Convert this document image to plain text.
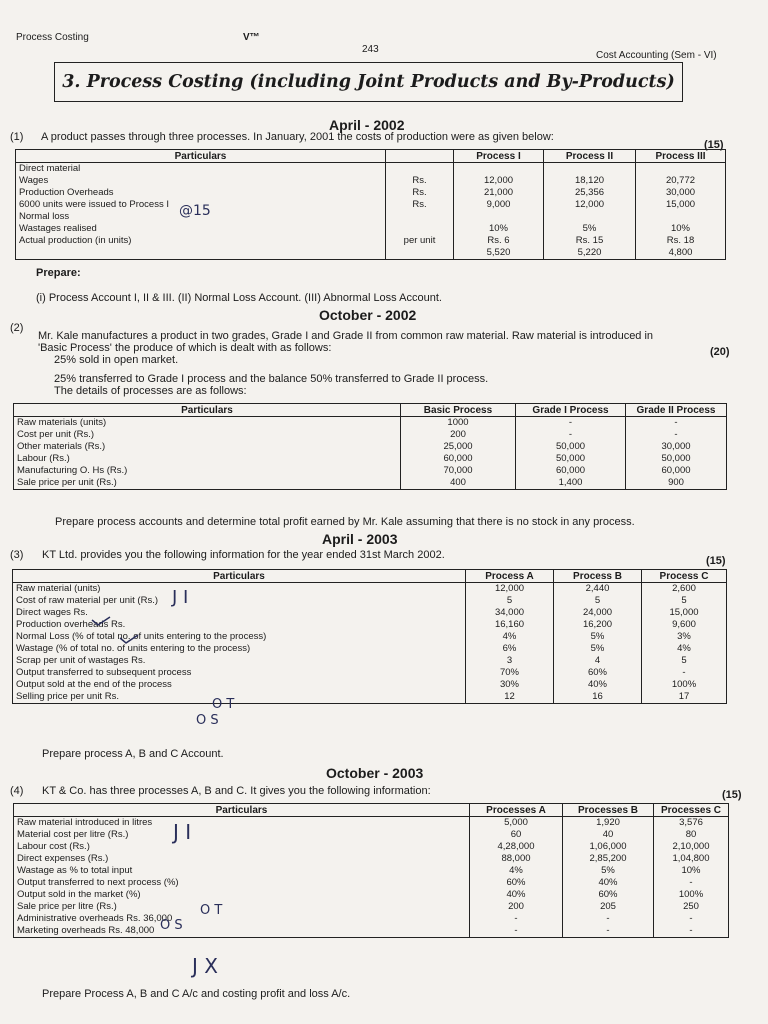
Process Costing	V™
243
Cost Accounting (Sem - VI)
3. Process Costing (including Joint Products and By-Products)
April - 2002
(1) A product passes through three processes. In January, 2001 the costs of production were as given below:
(15)
Particulars		Process I	Process II	Process III
Direct material				
Wages	Rs.	12,000	18,120	20,772
Production Overheads	Rs.	21,000	25,356	30,000
6000 units were issued to Process I	Rs.	9,000	12,000	15,000
Normal loss				
Wastages realised		10%	5%	10%
Actual production (in units)	per unit	Rs. 6	Rs. 15	Rs. 18
		5,520	5,220	4,800
Prepare:
(i) Process Account I, II & III. (II) Normal Loss Account. (III) Abnormal Loss Account.
October - 2002
(2)
Mr. Kale manufactures a product in two grades, Grade I and Grade II from common raw material. Raw material is introduced in
'Basic Process' the produce of which is dealt with as follows:	(20)
25% sold in open market.
25% transferred to Grade I process and the balance 50% transferred to Grade II process.
The details of processes are as follows:
Particulars	Basic Process	Grade I Process	Grade II Process
Raw materials (units)	1000	-	-
Cost per unit (Rs.)	200	-	-
Other materials (Rs.)	25,000	50,000	30,000
Labour (Rs.)	60,000	50,000	50,000
Manufacturing O. Hs (Rs.)	70,000	60,000	60,000
Sale price per unit (Rs.)	400	1,400	900
Prepare process accounts and determine total profit earned by Mr. Kale assuming that there is no stock in any process.
April - 2003
(3) KT Ltd. provides you the following information for the year ended 31st March 2002.	(15)
Particulars	Process A	Process B	Process C
Raw material (units)	12,000	2,440	2,600
Cost of raw material per unit (Rs.)	5	5	5
Direct wages Rs.	34,000	24,000	15,000
Production overheads Rs.	16,160	16,200	9,600
Normal Loss (% of total no. of units entering to the process)	4%	5%	3%
Wastage (% of total no. of units entering to the process)	6%	5%	4%
Scrap per unit of wastages Rs.	3	4	5
Output transferred to subsequent process	70%	60%	-
Output sold at the end of the process	30%	40%	100%
Selling price per unit Rs.	12	16	17
Prepare process A, B and C Account.
October - 2003
(4) KT & Co. has three processes A, B and C. It gives you the following information:	(15)
Particulars	Processes A	Processes B	Processes C
Raw material introduced in litres	5,000	1,920	3,576
Material cost per litre (Rs.)	60	40	80
Labour cost (Rs.)	4,28,000	1,06,000	2,10,000
Direct expenses (Rs.)	88,000	2,85,200	1,04,800
Wastage as % to total input	4%	5%	10%
Output transferred to next process (%)	60%	40%	-
Output sold in the market (%)	40%	60%	100%
Sale price per litre (Rs.)	200	205	250
Administrative overheads Rs. 36,000	-	-	-
Marketing overheads Rs. 48,000	-	-	-
Prepare Process A, B and C A/c and costing profit and loss A/c.
@15
J I
O T
O S
J I
O T
O S
J X
